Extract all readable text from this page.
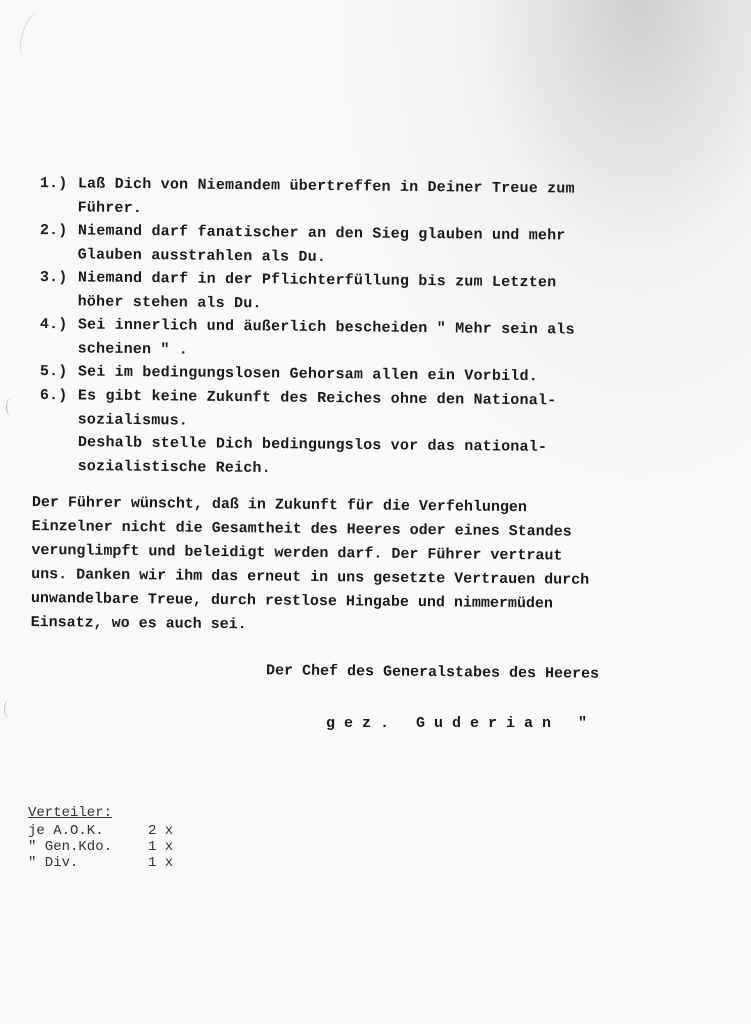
1.) Laß Dich von Niemandem übertreffen in Deiner Treue zum
Führer.
2.) Niemand darf fanatischer an den Sieg glauben und mehr
Glauben ausstrahlen als Du.
3.) Niemand darf in der Pflichterfüllung bis zum Letzten
höher stehen als Du.
4.) Sei innerlich und äußerlich bescheiden " Mehr sein als
scheinen " .
5.) Sei im bedingungslosen Gehorsam allen ein Vorbild.
6.) Es gibt keine Zukunft des Reiches ohne den National-
sozialismus.
Deshalb stelle Dich bedingungslos vor das national-
sozialistische Reich.
Der Führer wünscht, daß in Zukunft für die Verfehlungen
Einzelner nicht die Gesamtheit des Heeres oder eines Standes
verunglimpft und beleidigt werden darf. Der Führer vertraut
uns. Danken wir ihm das erneut in uns gesetzte Vertrauen durch
unwandelbare Treue, durch restlose Hingabe und nimmermüden
Einsatz, wo es auch sei.
Der Chef des Generalstabes des Heeres
gez. Guderian "
Verteiler:
je A.O.K.	2 x
" Gen.Kdo.	1 x
" Div.	1 x
